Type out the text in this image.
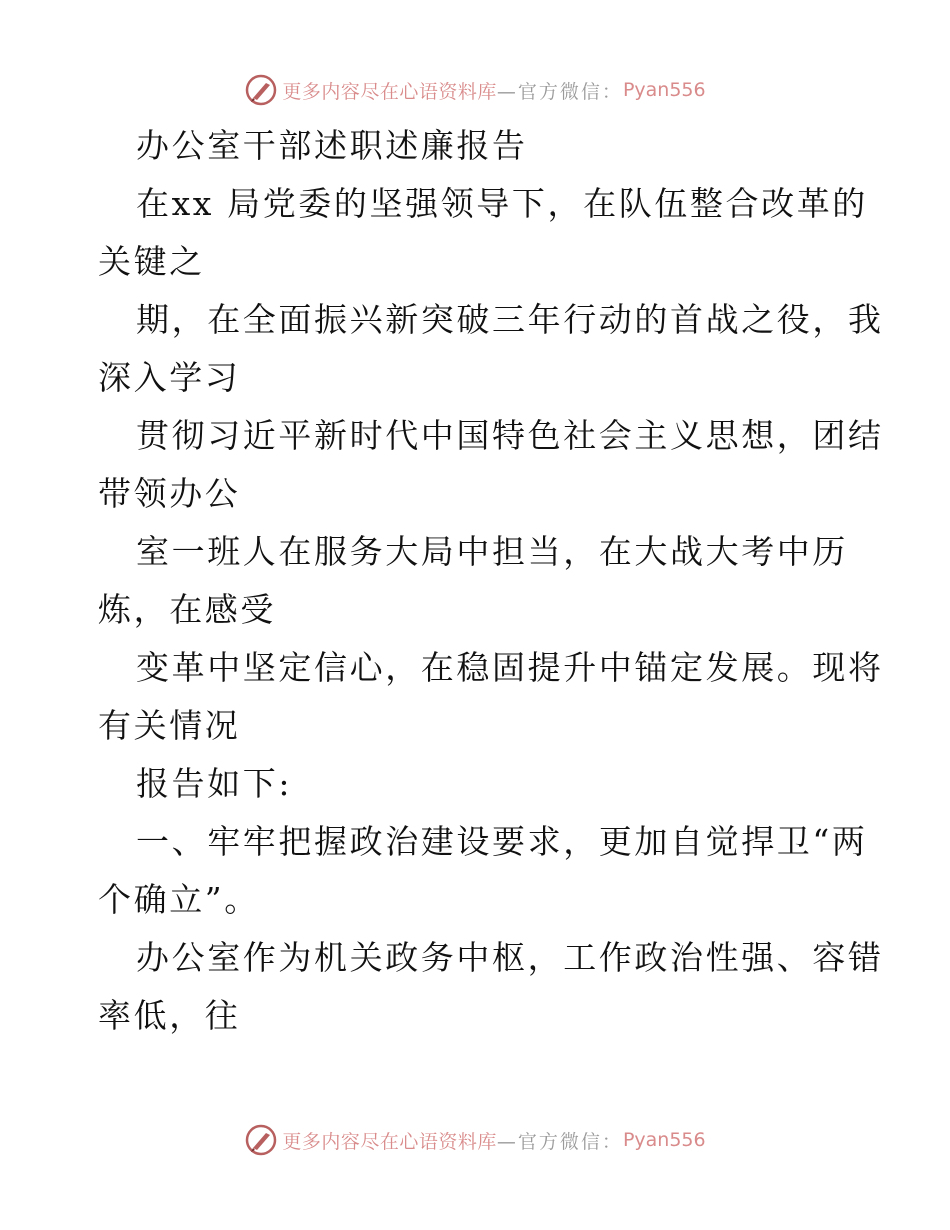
更多内容尽在心语资料库 —官方微信： Pyan556
办公室干部述职述廉报告
在xx 局党委的坚强领导下，在队伍整合改革的
关键之
期，在全面振兴新突破三年行动的首战之役，我
深入学习
贯彻习近平新时代中国特色社会主义思想，团结
带领办公
室一班人在服务大局中担当，在大战大考中历
炼，在感受
变革中坚定信心，在稳固提升中锚定发展。现将
有关情况
报告如下:
一、牢牢把握政治建设要求，更加自觉捍卫“两
个确立”。
办公室作为机关政务中枢，工作政治性强、容错
率低，往
更多内容尽在心语资料库 —官方微信： Pyan556
